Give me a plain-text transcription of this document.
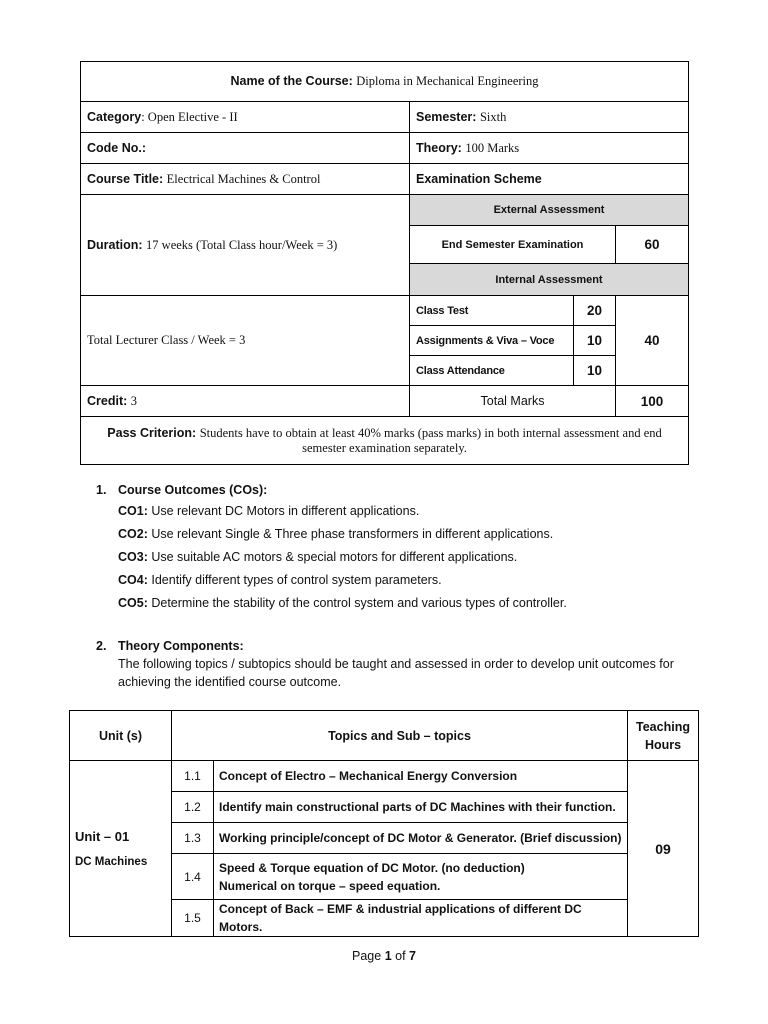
Name of the Course: Diploma in Mechanical Engineering			
Category: Open Elective - II	Semester: Sixth		
Code No.:	Theory: 100 Marks		
Course Title: Electrical Machines & Control	Examination Scheme		
Duration: 17 weeks (Total Class hour/Week = 3)	External Assessment		
	End Semester Examination		60
	Internal Assessment		
Total Lecturer Class / Week = 3	Class Test	20	40
	Assignments & Viva – Voce	10	
	Class Attendance	10	
Credit: 3	Total Marks		100
Pass Criterion: Students have to obtain at least 40% marks (pass marks) in both internal assessment and end semester examination separately.			
1. Course Outcomes (COs):
CO1: Use relevant DC Motors in different applications.
CO2: Use relevant Single & Three phase transformers in different applications.
CO3: Use suitable AC motors & special motors for different applications.
CO4: Identify different types of control system parameters.
CO5: Determine the stability of the control system and various types of controller.
2. Theory Components:
The following topics / subtopics should be taught and assessed in order to develop unit outcomes for achieving the identified course outcome.
Unit (s)	Topics and Sub – topics		Teaching
Hours

Unit – 01
DC Machines	1.1	Concept of Electro – Mechanical Energy Conversion	09
	1.2	Identify main constructional parts of DC Machines with their function.	

	1.3	Working principle/concept of DC Motor & Generator. (Brief discussion)	

	1.4	Speed & Torque equation of DC Motor. (no deduction)
Numerical on torque – speed equation.	

	1.5	Concept of Back – EMF & industrial applications of different DC Motors.	
Page 1 of 7
